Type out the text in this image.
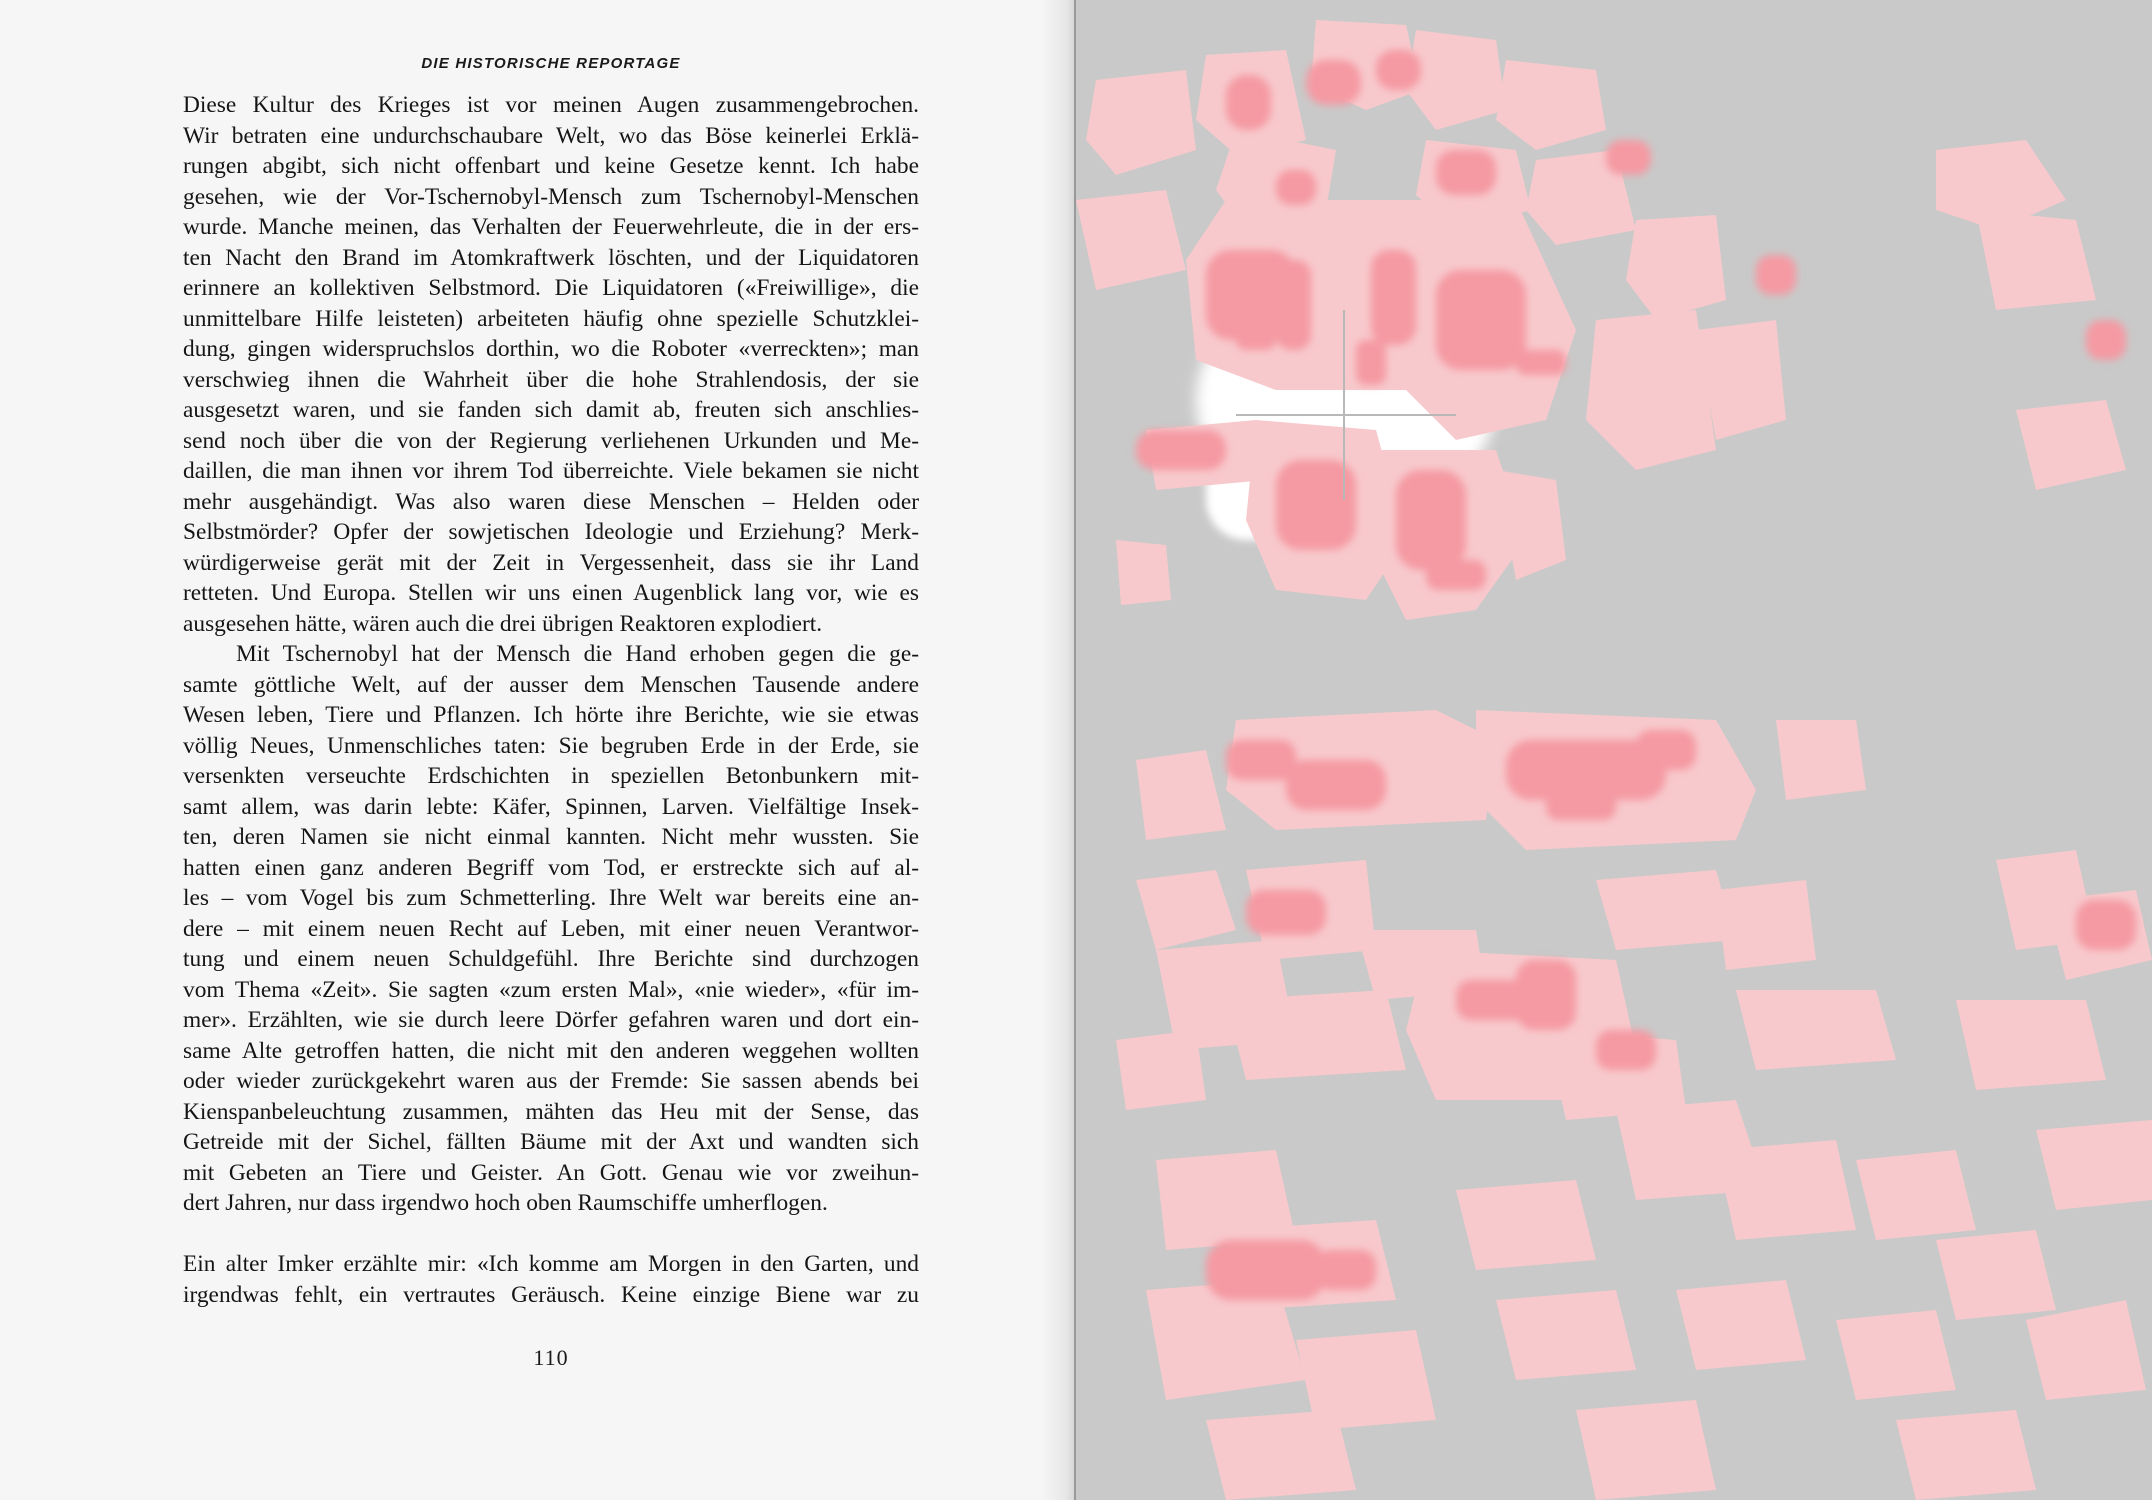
DIE HISTORISCHE REPORTAGE
Diese Kultur des Krieges ist vor meinen Augen zusammengebrochen.
Wir betraten eine undurchschaubare Welt, wo das Böse keinerlei Erklä-
rungen abgibt, sich nicht offenbart und keine Gesetze kennt. Ich habe
gesehen, wie der Vor-Tschernobyl-Mensch zum Tschernobyl-Menschen
wurde. Manche meinen, das Verhalten der Feuerwehrleute, die in der ers-
ten Nacht den Brand im Atomkraftwerk löschten, und der Liquidatoren
erinnere an kollektiven Selbstmord. Die Liquidatoren («Freiwillige», die
unmittelbare Hilfe leisteten) arbeiteten häufig ohne spezielle Schutzklei-
dung, gingen widerspruchslos dorthin, wo die Roboter «verreckten»; man
verschwieg ihnen die Wahrheit über die hohe Strahlendosis, der sie
ausgesetzt waren, und sie fanden sich damit ab, freuten sich anschlies-
send noch über die von der Regierung verliehenen Urkunden und Me-
daillen, die man ihnen vor ihrem Tod überreichte. Viele bekamen sie nicht
mehr ausgehändigt. Was also waren diese Menschen – Helden oder
Selbstmörder? Opfer der sowjetischen Ideologie und Erziehung? Merk-
würdigerweise gerät mit der Zeit in Vergessenheit, dass sie ihr Land
retteten. Und Europa. Stellen wir uns einen Augenblick lang vor, wie es
ausgesehen hätte, wären auch die drei übrigen Reaktoren explodiert.
Mit Tschernobyl hat der Mensch die Hand erhoben gegen die ge-
samte göttliche Welt, auf der ausser dem Menschen Tausende andere
Wesen leben, Tiere und Pflanzen. Ich hörte ihre Berichte, wie sie etwas
völlig Neues, Unmenschliches taten: Sie begruben Erde in der Erde, sie
versenkten verseuchte Erdschichten in speziellen Betonbunkern mit-
samt allem, was darin lebte: Käfer, Spinnen, Larven. Vielfältige Insek-
ten, deren Namen sie nicht einmal kannten. Nicht mehr wussten. Sie
hatten einen ganz anderen Begriff vom Tod, er erstreckte sich auf al-
les – vom Vogel bis zum Schmetterling. Ihre Welt war bereits eine an-
dere – mit einem neuen Recht auf Leben, mit einer neuen Verantwor-
tung und einem neuen Schuldgefühl. Ihre Berichte sind durchzogen
vom Thema «Zeit». Sie sagten «zum ersten Mal», «nie wieder», «für im-
mer». Erzählten, wie sie durch leere Dörfer gefahren waren und dort ein-
same Alte getroffen hatten, die nicht mit den anderen weggehen wollten
oder wieder zurückgekehrt waren aus der Fremde: Sie sassen abends bei
Kienspanbeleuchtung zusammen, mähten das Heu mit der Sense, das
Getreide mit der Sichel, fällten Bäume mit der Axt und wandten sich
mit Gebeten an Tiere und Geister. An Gott. Genau wie vor zweihun-
dert Jahren, nur dass irgendwo hoch oben Raumschiffe umherflogen.
Ein alter Imker erzählte mir: «Ich komme am Morgen in den Garten, und
irgendwas fehlt, ein vertrautes Geräusch. Keine einzige Biene war zu
110
